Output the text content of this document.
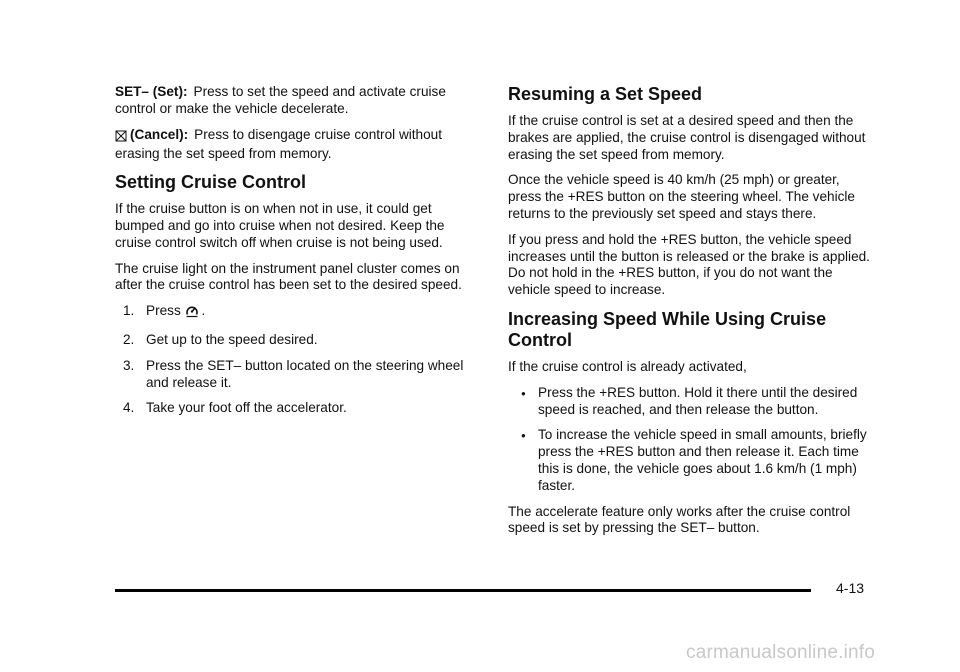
SET– (Set): Press to set the speed and activate cruise control or make the vehicle decelerate.

(Cancel): Press to disengage cruise control without erasing the set speed from memory.

Setting Cruise Control

If the cruise button is on when not in use, it could get bumped and go into cruise when not desired. Keep the cruise control switch off when cruise is not being used.

The cruise light on the instrument panel cluster comes on after the cruise control has been set to the desired speed.

1. Press .
2. Get up to the speed desired.
3. Press the SET– button located on the steering wheel and release it.
4. Take your foot off the accelerator.
Resuming a Set Speed

If the cruise control is set at a desired speed and then the brakes are applied, the cruise control is disengaged without erasing the set speed from memory.

Once the vehicle speed is 40 km/h (25 mph) or greater, press the +RES button on the steering wheel. The vehicle returns to the previously set speed and stays there.

If you press and hold the +RES button, the vehicle speed increases until the button is released or the brake is applied. Do not hold in the +RES button, if you do not want the vehicle speed to increase.

Increasing Speed While Using Cruise Control

If the cruise control is already activated,

● Press the +RES button. Hold it there until the desired speed is reached, and then release the button.
● To increase the vehicle speed in small amounts, briefly press the +RES button and then release it. Each time this is done, the vehicle goes about 1.6 km/h (1 mph) faster.

The accelerate feature only works after the cruise control speed is set by pressing the SET– button.

4-13
carmanualsonline.info
